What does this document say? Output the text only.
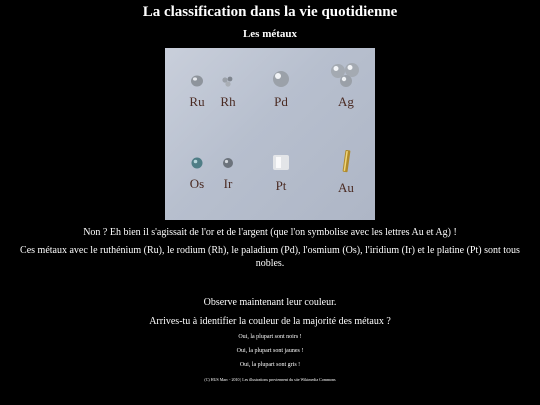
La classification dans la vie quotidienne
Les métaux
Ru	Rh	Pd	Ag
Os	Ir	Pt	Au
Non ? Eh bien il s'agissait de l'or et de l'argent (que l'on symbolise avec les lettres Au et Ag) !
Ces métaux avec le ruthénium (Ru), le rodium (Rh), le paladium (Pd), l'osmium (Os), l'iridium (Ir) et le platine (Pt) sont tous nobles.
Observe maintenant leur couleur.
Arrives-tu à identifier la couleur de la majorité des métaux ?
Oui, la plupart sont noirs !
Oui, la plupart sont jaunes !
Oui, la plupart sont gris !
(C) HUS Marc - 2010 | Les illustrations proviennent du site Wikimedia Commons
